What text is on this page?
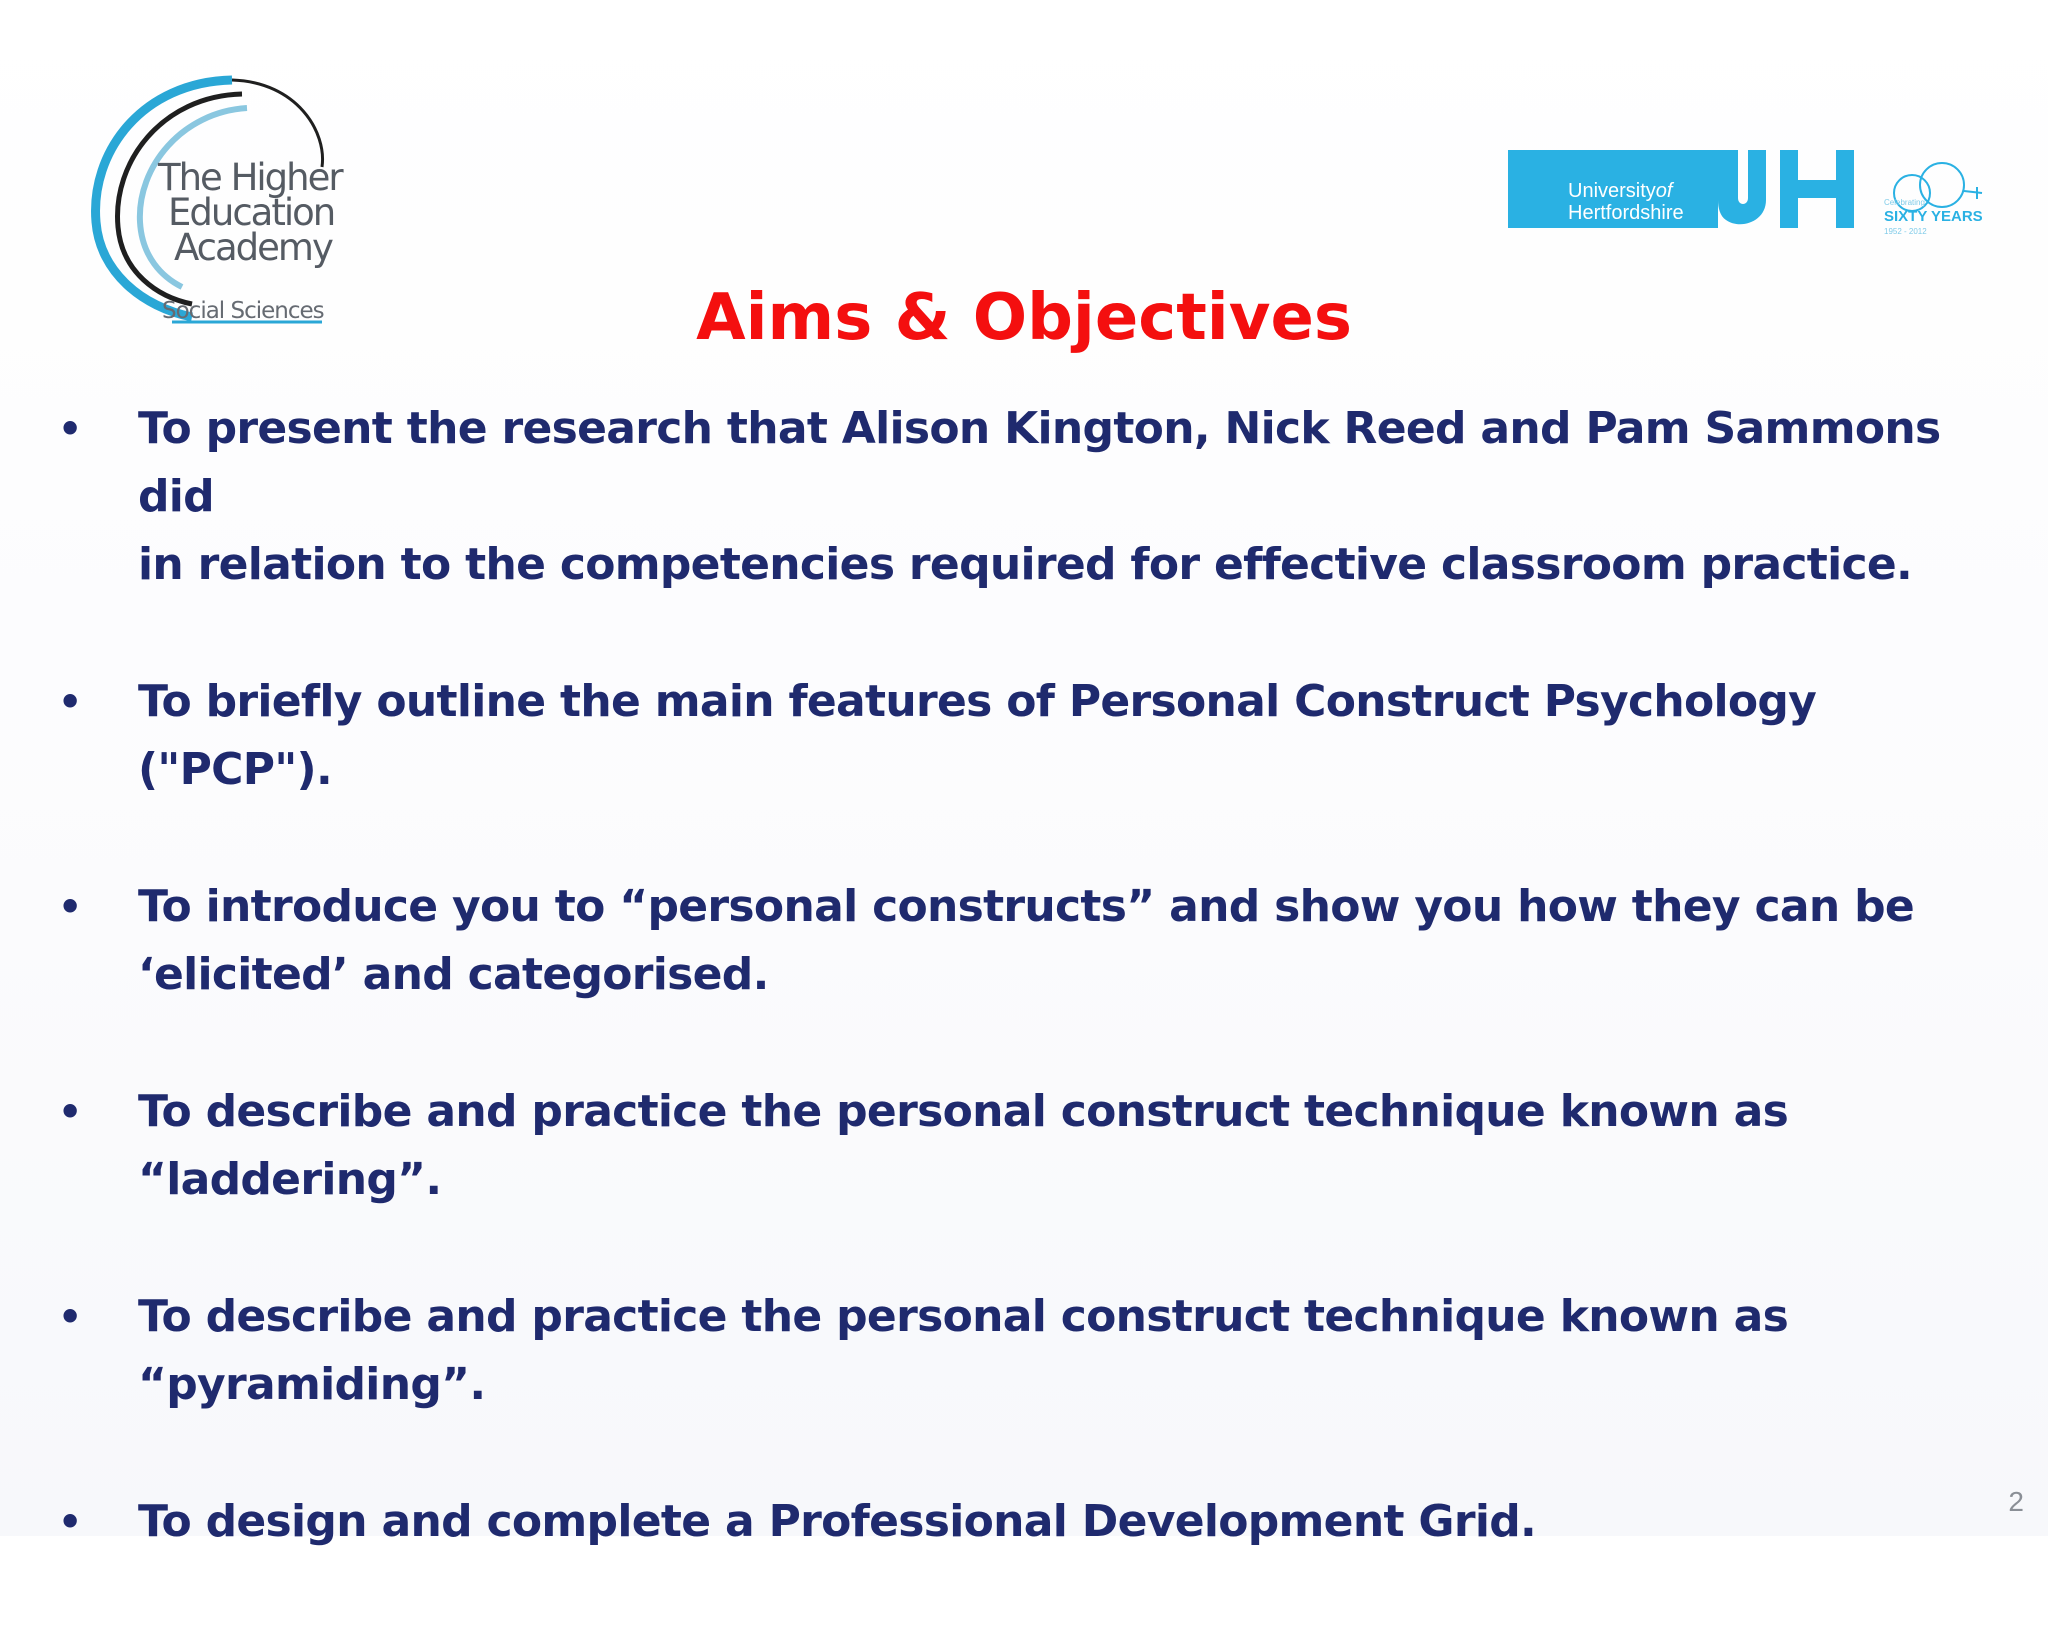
The Higher
Education
Academy
Social Sciences
Universityof
Hertfordshire	Celebrating
SIXTY YEARS
1952 - 2012
Aims & Objectives
• To present the research that Alison Kington, Nick Reed and Pam Sammons did
in relation to the competencies required for effective classroom practice.
• To briefly outline the main features of Personal Construct Psychology ("PCP").
• To introduce you to “personal constructs” and show you how they can be
‘elicited’ and categorised.
• To describe and practice the personal construct technique known as
“laddering”.
• To describe and practice the personal construct technique known as
“pyramiding”.
• To design and complete a Professional Development Grid.	2
